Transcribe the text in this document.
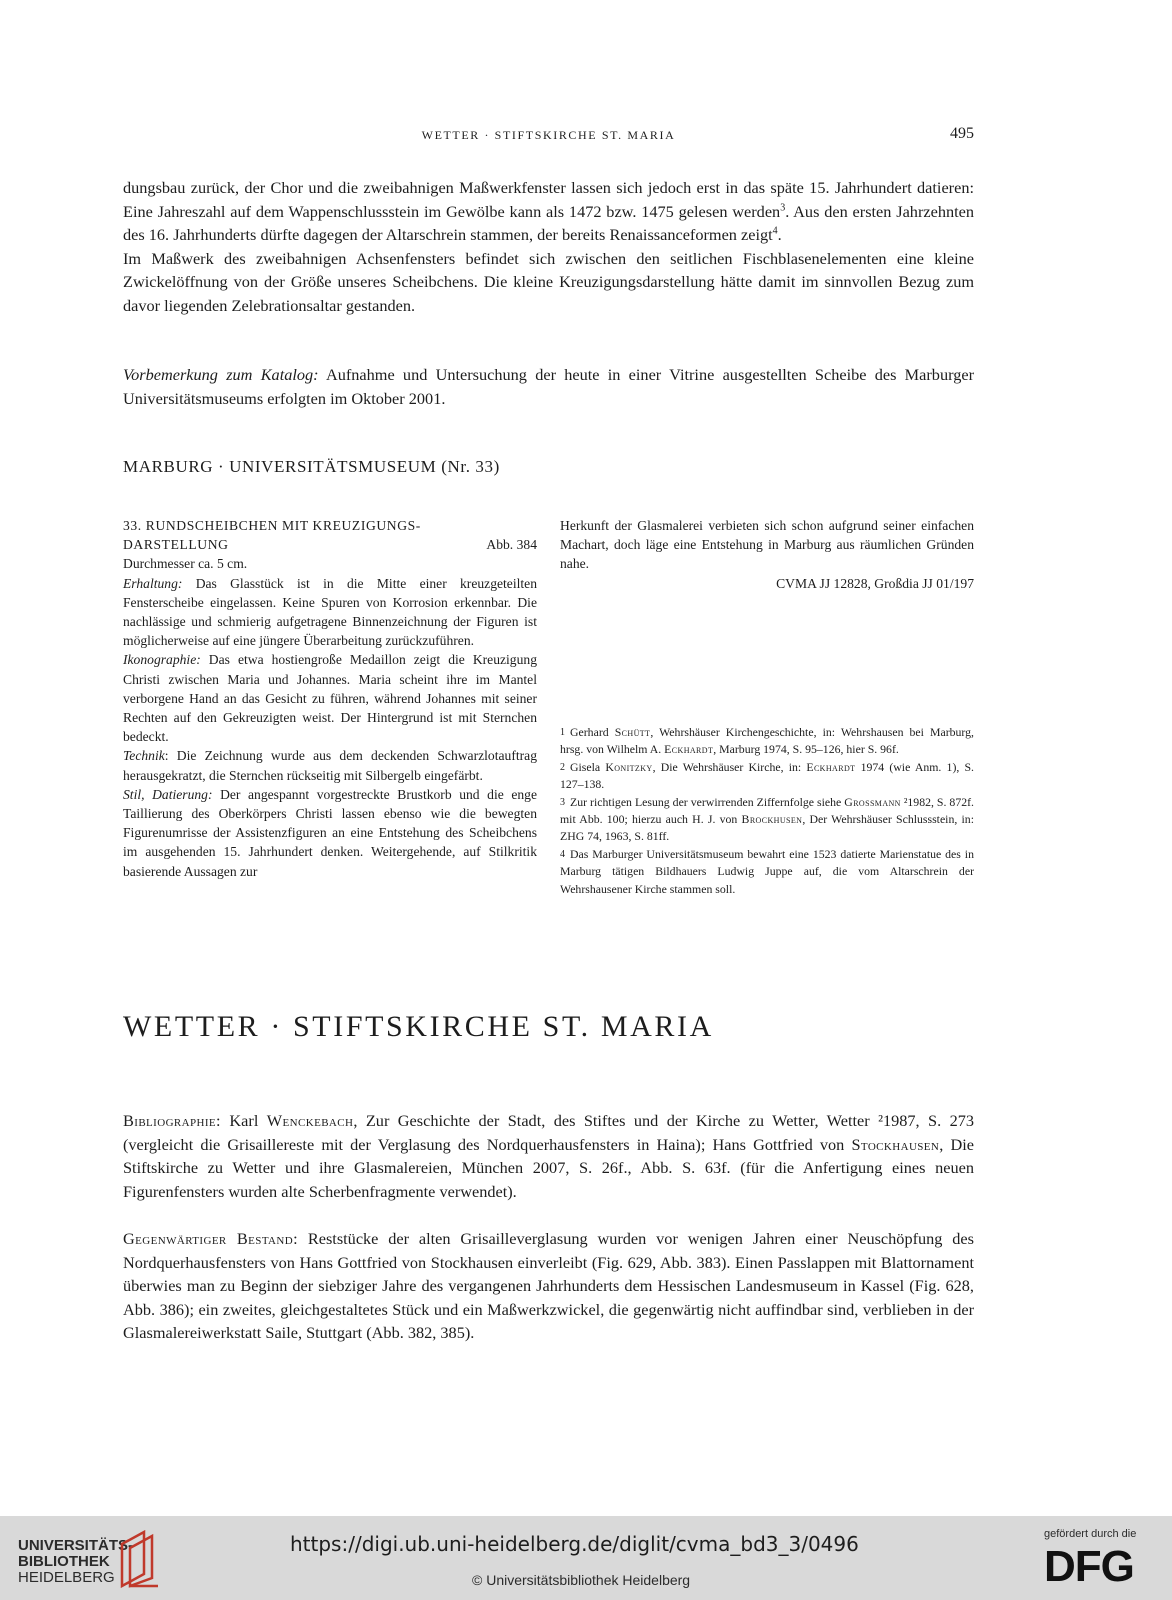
WETTER · STIFTSKIRCHE ST. MARIA	495

dungsbau zurück, der Chor und die zweibahnigen Maßwerkfenster lassen sich jedoch erst in das späte 15. Jahrhundert datieren: Eine Jahreszahl auf dem Wappenschlussstein im Gewölbe kann als 1472 bzw. 1475 gelesen werden$^3$. Aus den ersten Jahrzehnten des 16. Jahrhunderts dürfte dagegen der Altarschrein stammen, der bereits Renaissanceformen zeigt$^4$.

Im Maßwerk des zweibahnigen Achsenfensters befindet sich zwischen den seitlichen Fischblasenelementen eine kleine Zwickelöffnung von der Größe unseres Scheibchens. Die kleine Kreuzigungsdarstellung hätte damit im sinnvollen Bezug zum davor liegenden Zelebrationsaltar gestanden.

Vorbemerkung zum Katalog: Aufnahme und Untersuchung der heute in einer Vitrine ausgestellten Scheibe des Marburger Universitätsmuseums erfolgten im Oktober 2001.

MARBURG · UNIVERSITÄTSMUSEUM (Nr. 33)

33. RUNDSCHEIBCHEN MIT KREUZIGUNGS-

DARSTELLUNG	Abb. 384

Durchmesser ca. 5 cm.

Erhaltung: Das Glasstück ist in die Mitte einer kreuzgeteilten Fensterscheibe eingelassen. Keine Spuren von Korrosion erkennbar. Die nachlässige und schmierig aufgetragene Binnenzeichnung der Figuren ist möglicherweise auf eine jüngere Überarbeitung zurückzuführen.

Ikonographie: Das etwa hostiengroße Medaillon zeigt die Kreuzigung Christi zwischen Maria und Johannes. Maria scheint ihre im Mantel verborgene Hand an das Gesicht zu führen, während Johannes mit seiner Rechten auf den Gekreuzigten weist. Der Hintergrund ist mit Sternchen bedeckt.

Technik: Die Zeichnung wurde aus dem deckenden Schwarzlotauftrag herausgekratzt, die Sternchen rückseitig mit Silbergelb eingefärbt.

Stil, Datierung: Der angespannt vorgestreckte Brustkorb und die enge Taillierung des Oberkörpers Christi lassen ebenso wie die bewegten Figurenumrisse der Assistenzfiguren an eine Entstehung des Scheibchens im ausgehenden 15. Jahrhundert denken. Weitergehende, auf Stilkritik basierende Aussagen zur

Herkunft der Glasmalerei verbieten sich schon aufgrund seiner einfachen Machart, doch läge eine Entstehung in Marburg aus räumlichen Gründen nahe.

CVMA JJ 12828, Großdia JJ 01/197

$^1$ Gerhard Schütt, Wehrshäuser Kirchengeschichte, in: Wehrshausen bei Marburg, hrsg. von Wilhelm A. Eckhardt, Marburg 1974, S. 95–126, hier S. 96f.

$^2$ Gisela Konitzky, Die Wehrshäuser Kirche, in: Eckhardt 1974 (wie Anm. 1), S. 127–138.

$^3$ Zur richtigen Lesung der verwirrenden Ziffernfolge siehe Grossmann ²1982, S. 872f. mit Abb. 100; hierzu auch H. J. von Brockhusen, Der Wehrshäuser Schlussstein, in: ZHG 74, 1963, S. 81ff.

$^4$ Das Marburger Universitätsmuseum bewahrt eine 1523 datierte Marienstatue des in Marburg tätigen Bildhauers Ludwig Juppe auf, die vom Altarschrein der Wehrshausener Kirche stammen soll.

WETTER · STIFTSKIRCHE ST. MARIA

Bibliographie: Karl Wenckebach, Zur Geschichte der Stadt, des Stiftes und der Kirche zu Wetter, Wetter ²1987, S. 273 (vergleicht die Grisaillereste mit der Verglasung des Nordquerhausfensters in Haina); Hans Gottfried von Stockhausen, Die Stiftskirche zu Wetter und ihre Glasmalereien, München 2007, S. 26f., Abb. S. 63f. (für die Anfertigung eines neuen Figurenfensters wurden alte Scherbenfragmente verwendet).

Gegenwärtiger Bestand: Reststücke der alten Grisailleverglasung wurden vor wenigen Jahren einer Neuschöpfung des Nordquerhausfensters von Hans Gottfried von Stockhausen einverleibt (Fig. 629, Abb. 383). Einen Passlappen mit Blattornament überwies man zu Beginn der siebziger Jahre des vergangenen Jahrhunderts dem Hessischen Landesmuseum in Kassel (Fig. 628, Abb. 386); ein zweites, gleichgestaltetes Stück und ein Maßwerkzwickel, die gegenwärtig nicht auffindbar sind, verblieben in der Glasmalereiwerkstatt Saile, Stuttgart (Abb. 382, 385).

UNIVERSITÄTS-
BIBLIOTHEK
HEIDELBERG
https://digi.ub.uni-heidelberg.de/diglit/cvma_bd3_3/0496
© Universitätsbibliothek Heidelberg
gefördert durch die
DFG
